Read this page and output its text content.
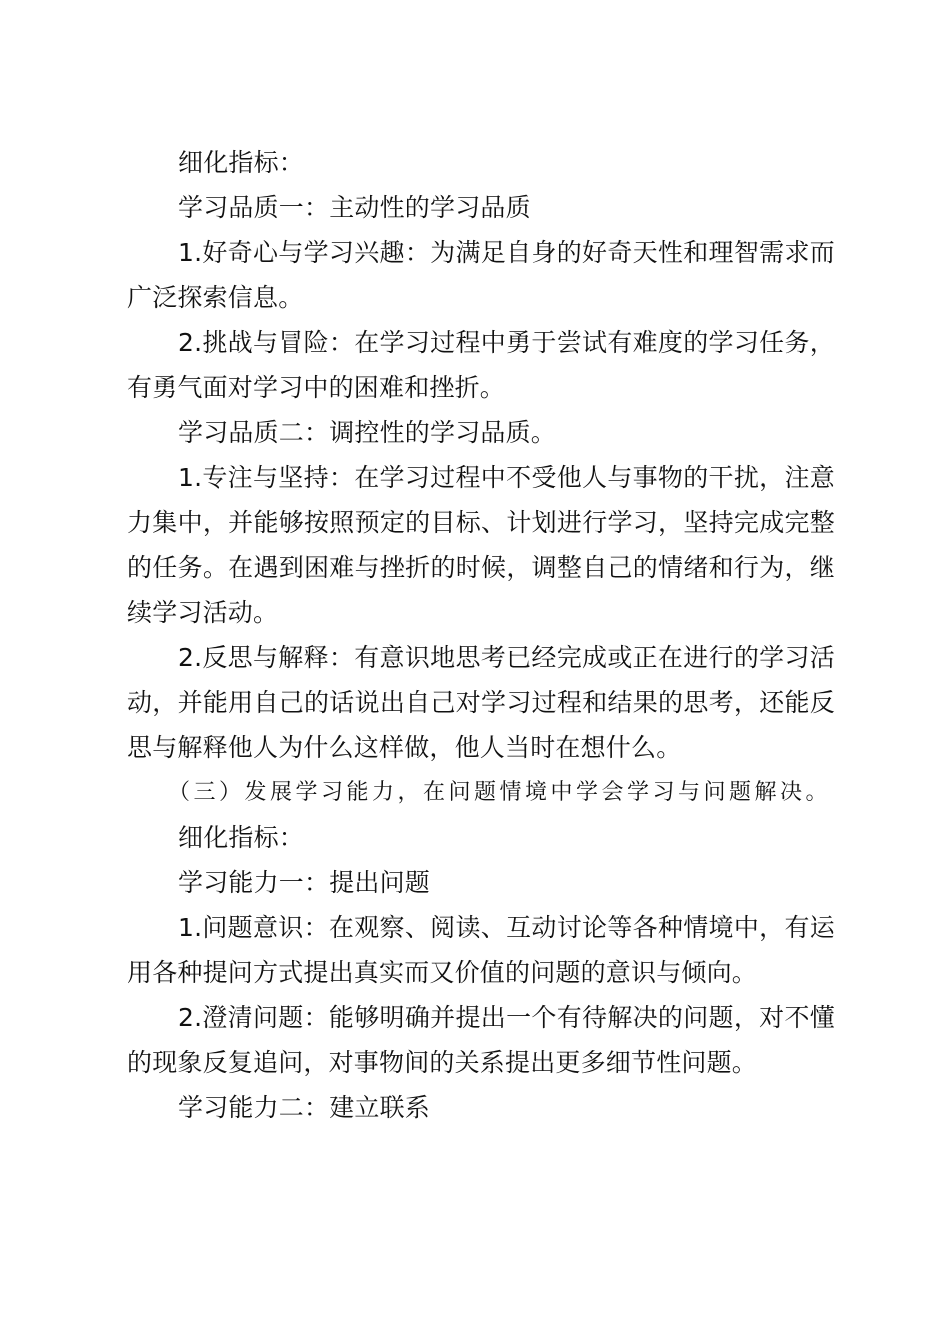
细化指标：

学习品质一：主动性的学习品质

1.好奇心与学习兴趣：为满足自身的好奇天性和理智需求而广泛探索信息。

2.挑战与冒险：在学习过程中勇于尝试有难度的学习任务，有勇气面对学习中的困难和挫折。

学习品质二：调控性的学习品质。

1.专注与坚持：在学习过程中不受他人与事物的干扰，注意力集中，并能够按照预定的目标、计划进行学习，坚持完成完整的任务。在遇到困难与挫折的时候，调整自己的情绪和行为，继续学习活动。

2.反思与解释：有意识地思考已经完成或正在进行的学习活动，并能用自己的话说出自己对学习过程和结果的思考，还能反思与解释他人为什么这样做，他人当时在想什么。

（三）发展学习能力，在问题情境中学会学习与问题解决。

细化指标：

学习能力一：提出问题

1.问题意识：在观察、阅读、互动讨论等各种情境中，有运用各种提问方式提出真实而又价值的问题的意识与倾向。

2.澄清问题：能够明确并提出一个有待解决的问题，对不懂的现象反复追问，对事物间的关系提出更多细节性问题。

学习能力二：建立联系
